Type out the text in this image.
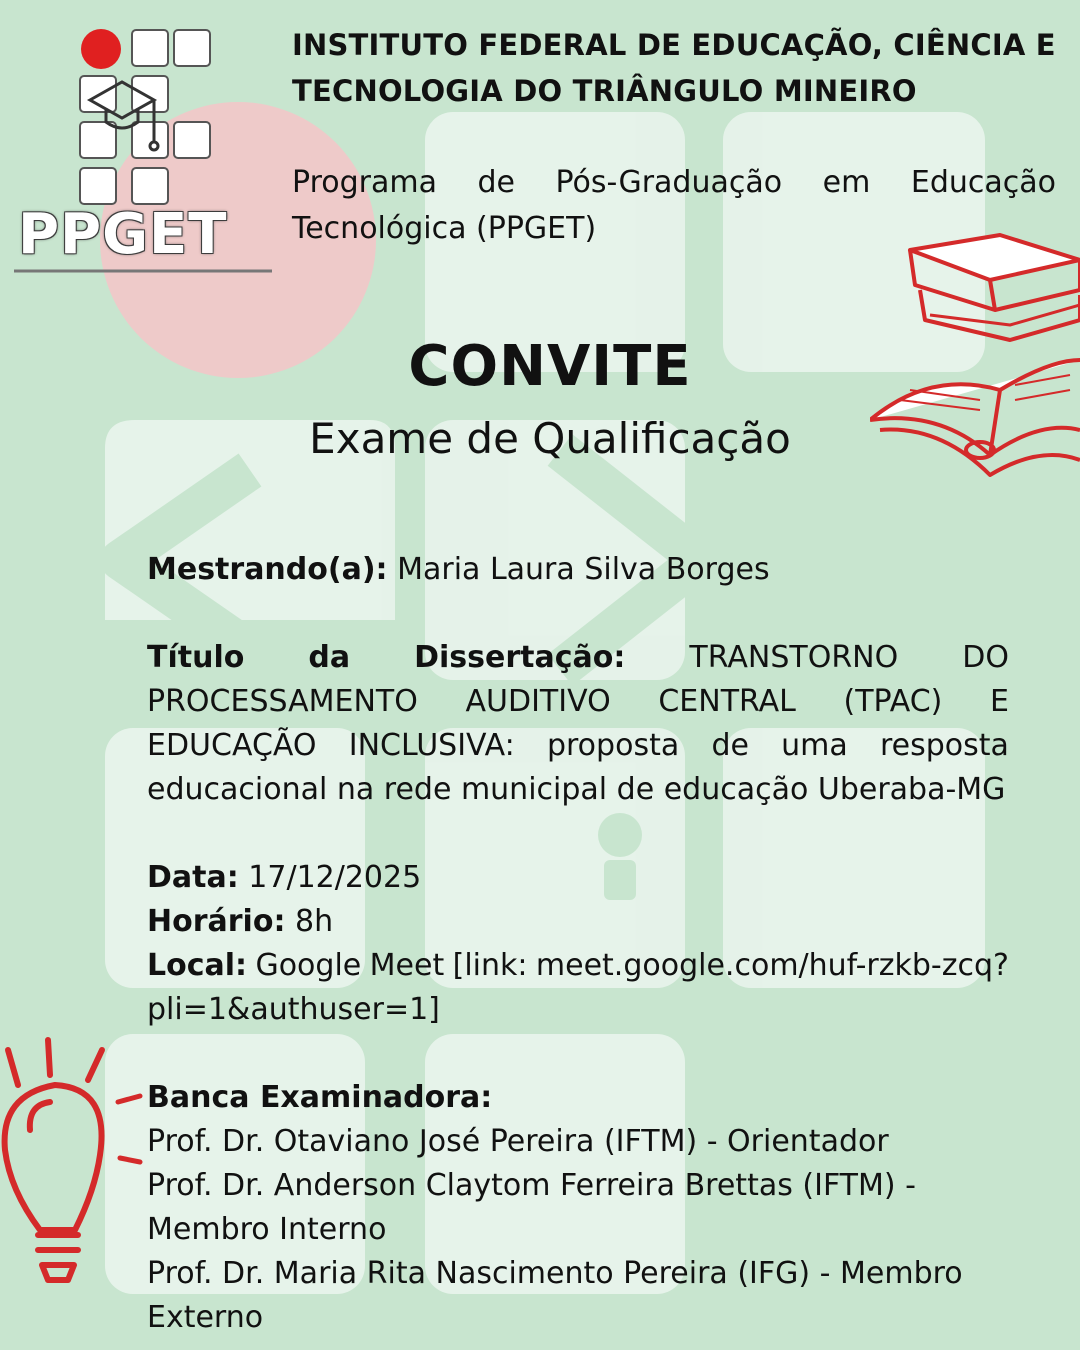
PPGET
INSTITUTO FEDERAL DE EDUCAÇÃO, CIÊNCIA E
TECNOLOGIA DO TRIÂNGULO MINEIRO
Programa de Pós-Graduação em Educação
Tecnológica (PPGET)
CONVITE
Exame de Qualificação

Mestrando(a): Maria Laura Silva Borges

Título da Dissertação: TRANSTORNO DO
PROCESSAMENTO AUDITIVO CENTRAL (TPAC) E
EDUCAÇÃO INCLUSIVA: proposta de uma resposta
educacional na rede municipal de educação Uberaba-MG

Data: 17/12/2025

Horário: 8h

Local: Google Meet [link: meet.google.com/huf-rzkb-zcq?
pli=1&authuser=1]

Banca Examinadora:

Prof. Dr. Otaviano José Pereira (IFTM) - Orientador
Prof. Dr. Anderson Claytom Ferreira Brettas (IFTM) -
Membro Interno
Prof. Dr. Maria Rita Nascimento Pereira (IFG) - Membro
Externo
